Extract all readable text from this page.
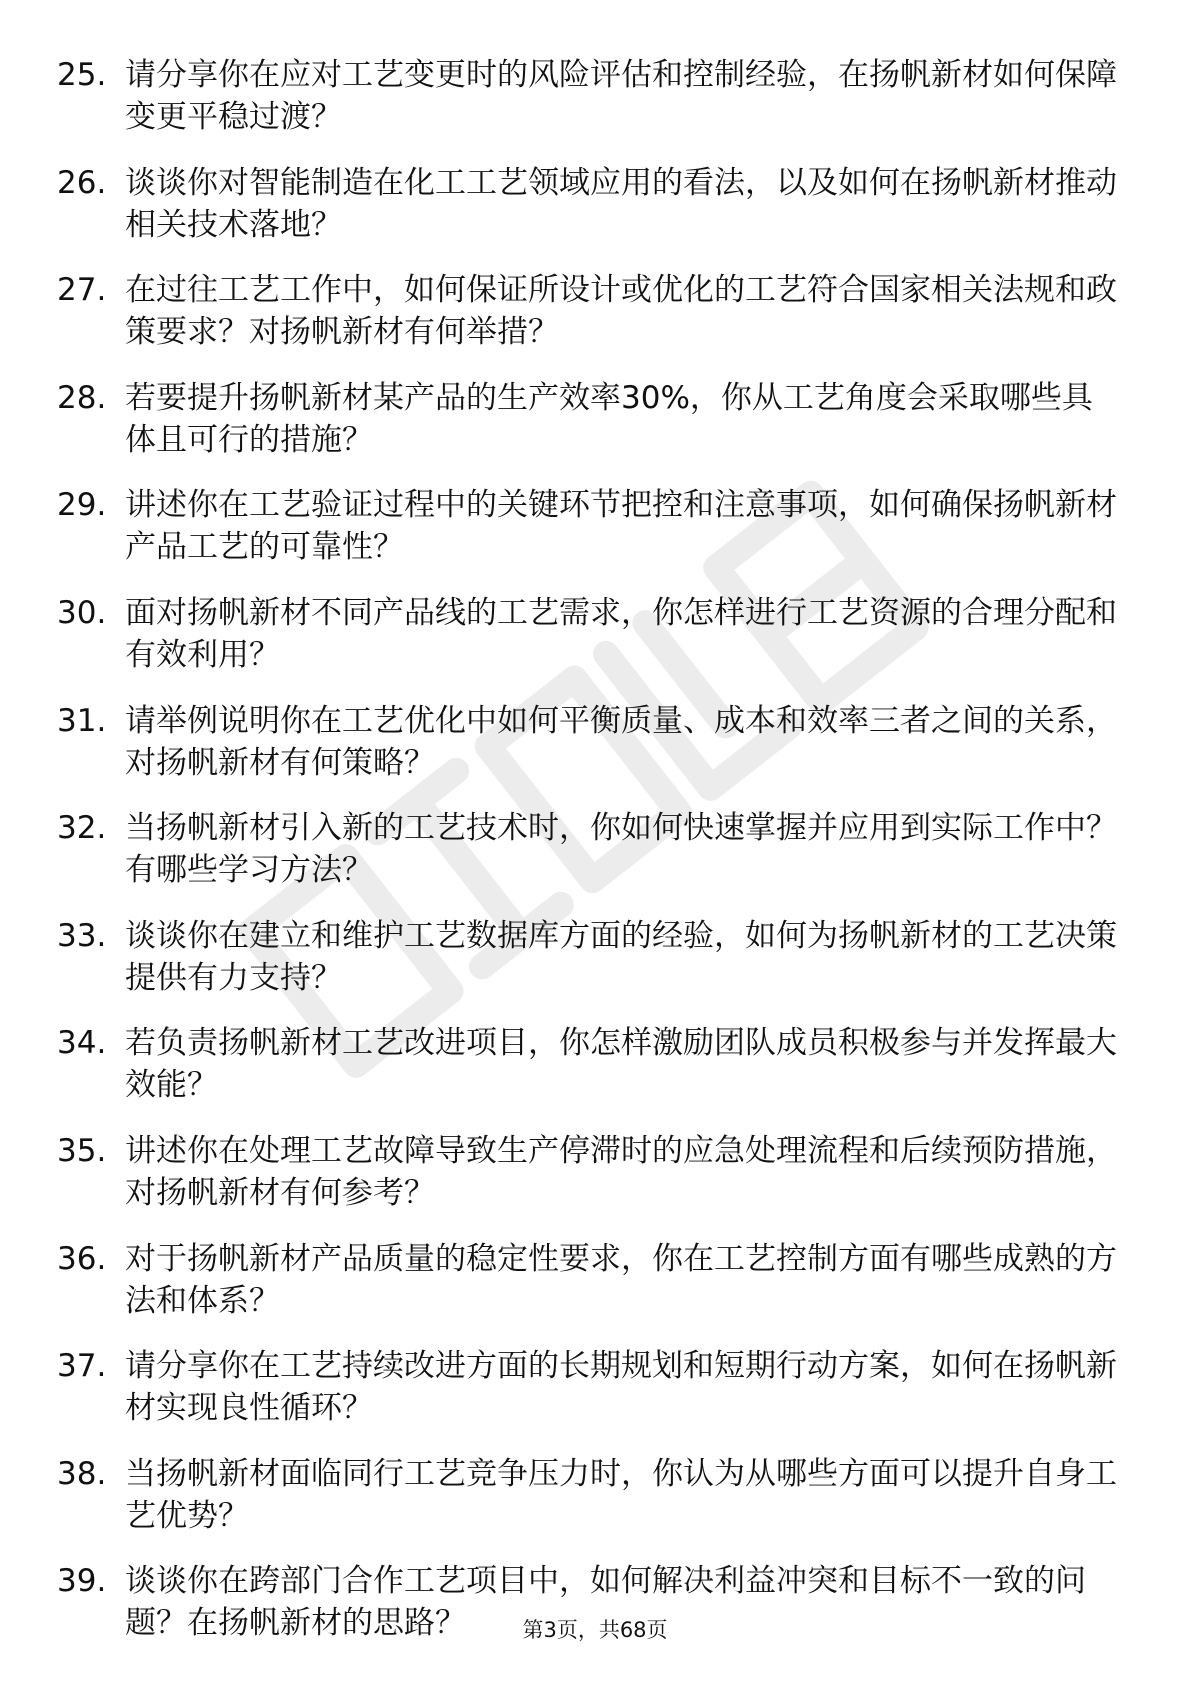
25. 请分享你在应对工艺变更时的风险评估和控制经验，在扬帆新材如何保障变更平稳过渡？
26. 谈谈你对智能制造在化工工艺领域应用的看法，以及如何在扬帆新材推动相关技术落地？
27. 在过往工艺工作中，如何保证所设计或优化的工艺符合国家相关法规和政策要求？对扬帆新材有何举措？
28. 若要提升扬帆新材某产品的生产效率30%，你从工艺角度会采取哪些具体且可行的措施？
29. 讲述你在工艺验证过程中的关键环节把控和注意事项，如何确保扬帆新材产品工艺的可靠性？
30. 面对扬帆新材不同产品线的工艺需求，你怎样进行工艺资源的合理分配和有效利用？
31. 请举例说明你在工艺优化中如何平衡质量、成本和效率三者之间的关系，对扬帆新材有何策略？
32. 当扬帆新材引入新的工艺技术时，你如何快速掌握并应用到实际工作中？有哪些学习方法？
33. 谈谈你在建立和维护工艺数据库方面的经验，如何为扬帆新材的工艺决策提供有力支持？
34. 若负责扬帆新材工艺改进项目，你怎样激励团队成员积极参与并发挥最大效能？
35. 讲述你在处理工艺故障导致生产停滞时的应急处理流程和后续预防措施，对扬帆新材有何参考？
36. 对于扬帆新材产品质量的稳定性要求，你在工艺控制方面有哪些成熟的方法和体系？
37. 请分享你在工艺持续改进方面的长期规划和短期行动方案，如何在扬帆新材实现良性循环？
38. 当扬帆新材面临同行工艺竞争压力时，你认为从哪些方面可以提升自身工艺优势？
39. 谈谈你在跨部门合作工艺项目中，如何解决利益冲突和目标不一致的问题？在扬帆新材的思路？	第3页，共68页
